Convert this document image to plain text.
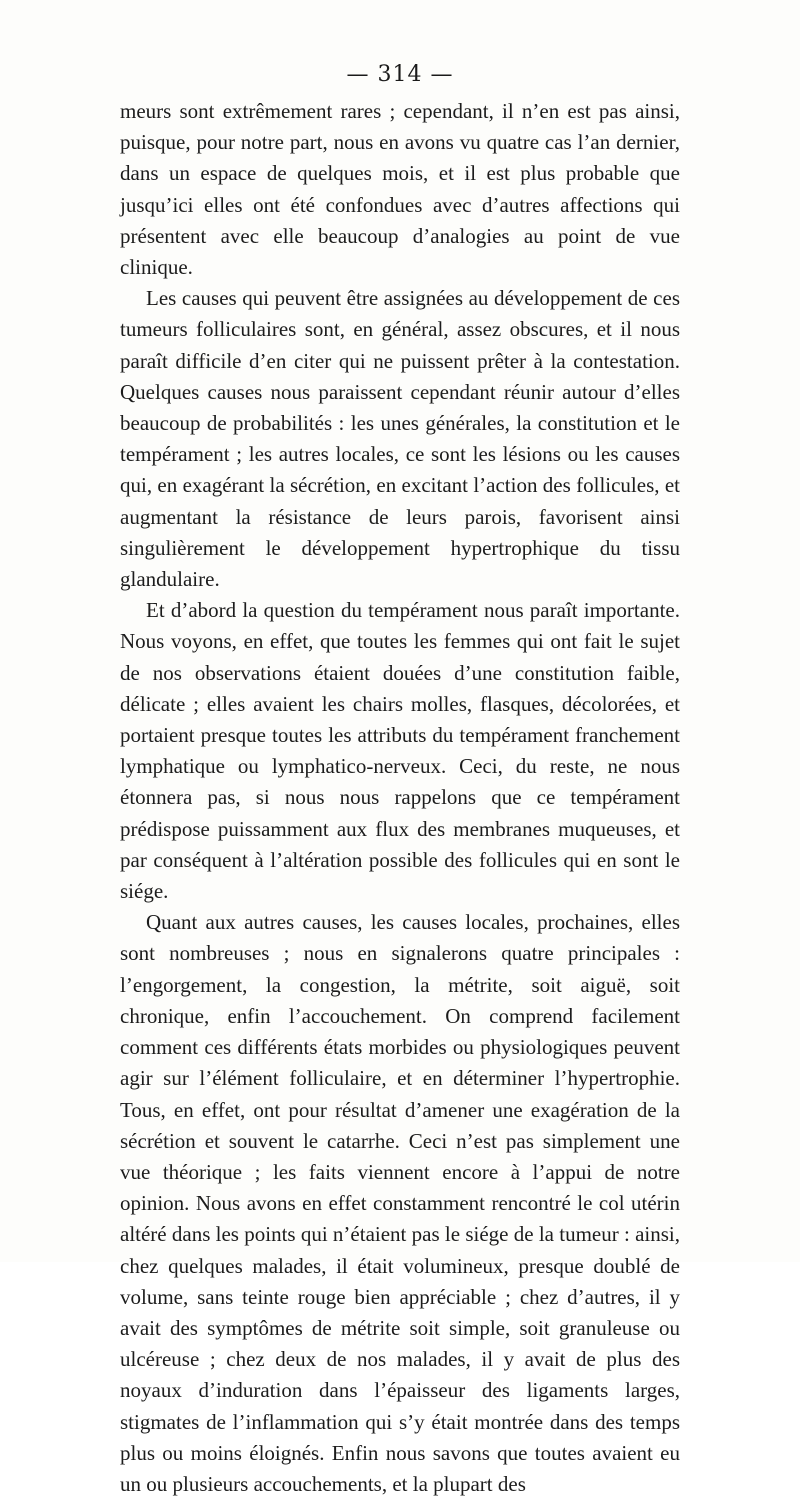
— 314 —

meurs sont extrêmement rares ; cependant, il n’en est pas ainsi, puisque, pour notre part, nous en avons vu quatre cas l’an dernier, dans un espace de quelques mois, et il est plus probable que jusqu’ici elles ont été confondues avec d’autres affections qui présentent avec elle beaucoup d’analogies au point de vue clinique.

Les causes qui peuvent être assignées au développement de ces tumeurs folliculaires sont, en général, assez obscures, et il nous paraît difficile d’en citer qui ne puissent prêter à la contestation. Quelques causes nous paraissent cependant réunir autour d’elles beaucoup de probabilités : les unes générales, la constitution et le tempérament ; les autres locales, ce sont les lésions ou les causes qui, en exagérant la sécrétion, en excitant l’action des follicules, et augmentant la résistance de leurs parois, favorisent ainsi singulièrement le développement hypertrophique du tissu glandulaire.

Et d’abord la question du tempérament nous paraît importante. Nous voyons, en effet, que toutes les femmes qui ont fait le sujet de nos observations étaient douées d’une constitution faible, délicate ; elles avaient les chairs molles, flasques, décolorées, et portaient presque toutes les attributs du tempérament franchement lymphatique ou lymphatico-nerveux. Ceci, du reste, ne nous étonnera pas, si nous nous rappelons que ce tempérament prédispose puissamment aux flux des membranes muqueuses, et par conséquent à l’altération possible des follicules qui en sont le siége.

Quant aux autres causes, les causes locales, prochaines, elles sont nombreuses ; nous en signalerons quatre principales : l’engorgement, la congestion, la métrite, soit aiguë, soit chronique, enfin l’accouchement. On comprend facilement comment ces différents états morbides ou physiologiques peuvent agir sur l’élément folliculaire, et en déterminer l’hypertrophie. Tous, en effet, ont pour résultat d’amener une exagération de la sécrétion et souvent le catarrhe. Ceci n’est pas simplement une vue théorique ; les faits viennent encore à l’appui de notre opinion. Nous avons en effet constamment rencontré le col utérin altéré dans les points qui n’étaient pas le siége de la tumeur : ainsi, chez quelques malades, il était volumineux, presque doublé de volume, sans teinte rouge bien appréciable ; chez d’autres, il y avait des symptômes de métrite soit simple, soit granuleuse ou ulcéreuse ; chez deux de nos malades, il y avait de plus des noyaux d’induration dans l’épaisseur des ligaments larges, stigmates de l’inflammation qui s’y était montrée dans des temps plus ou moins éloignés. Enfin nous savons que toutes avaient eu un ou plusieurs accouchements, et la plupart des
